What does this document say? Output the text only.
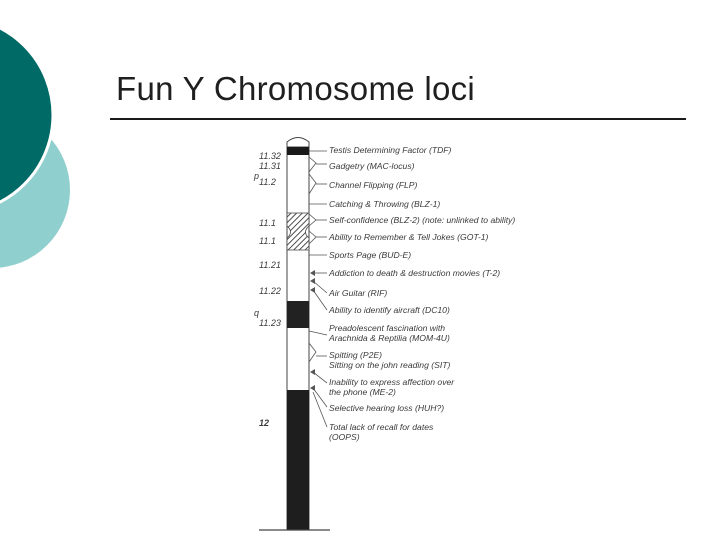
Fun Y Chromosome loci
11.32
11.31
p
11.2
11.1
11.1
11.21
11.22
q
11.23
12
Testis Determining Factor (TDF)
Gadgetry (MAC-locus)
Channel Flipping (FLP)
Catching & Throwing (BLZ-1)
Self-confidence (BLZ-2) (note: unlinked to ability)
Ability to Remember & Tell Jokes (GOT-1)
Sports Page (BUD-E)
Addiction to death & destruction movies (T-2)
Air Guitar (RIF)
Ability to identify aircraft (DC10)
Preadolescent fascination with
Arachnida & Reptilia (MOM-4U)
Spitting (P2E)
Sitting on the john reading (SIT)
Inability to express affection over
the phone (ME-2)
Selective hearing loss (HUH?)
Total lack of recall for dates
(OOPS)
